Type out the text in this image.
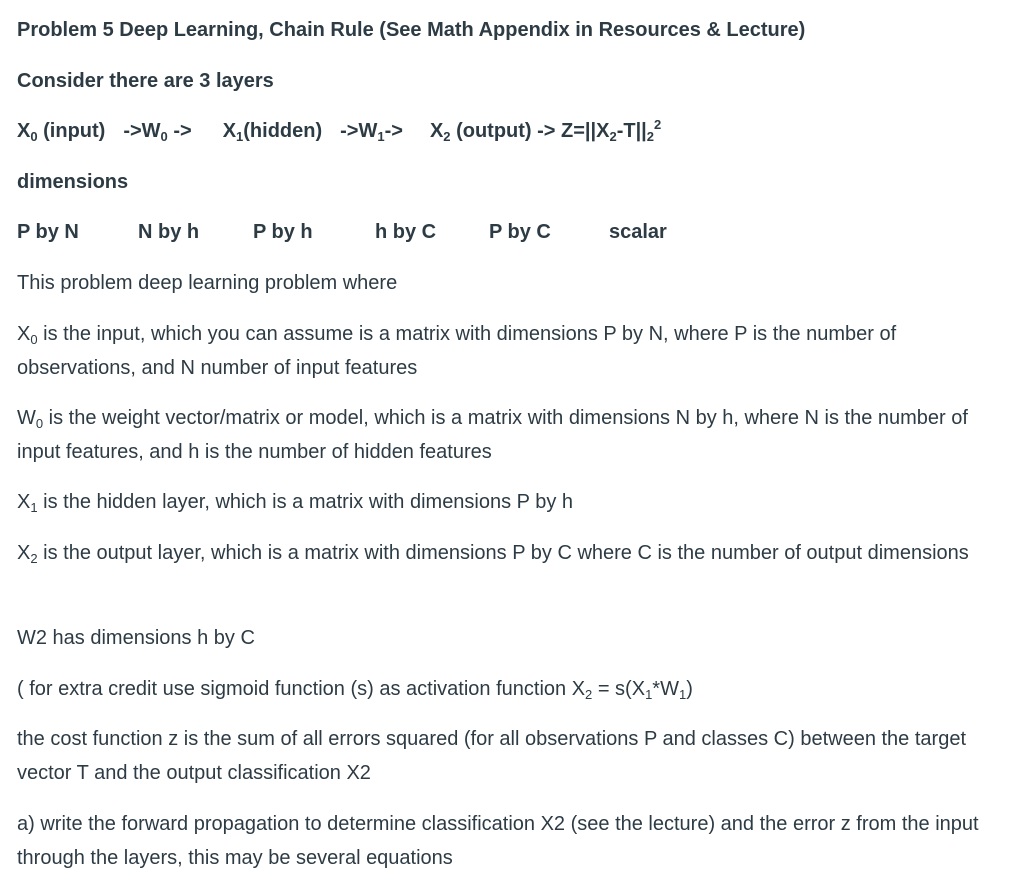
Problem 5 Deep Learning, Chain Rule (See Math Appendix in Resources & Lecture)
Consider there are 3 layers
$X_0$ (input) $->W_0$ -> $X_1(hidden)$ $->W_1-> X_2$ (output) -> $Z=||X_2-T||_2^2$
dimensions
P by N	N by h	P by h	h by C	P by C	scalar
This problem deep learning problem where
$X_0$ is the input, which you can assume is a matrix with dimensions P by N, where P is the number of observations, and N number of input features
$W_0$ is the weight vector/matrix or model, which is a matrix with dimensions N by h, where N is the number of input features, and h is the number of hidden features
$X_1$ is the hidden layer, which is a matrix with dimensions P by h
$X_2$ is the output layer, which is a matrix with dimensions P by C where C is the number of output dimensions
W2 has dimensions h by C
( for extra credit use sigmoid function (s) as activation function $X_2 = s(X_1*W_1)$
the cost function z is the sum of all errors squared (for all observations P and classes C) between the target vector T and the output classification X2
a) write the forward propagation to determine classification X2 (see the lecture) and the error z from the input through the layers, this may be several equations
